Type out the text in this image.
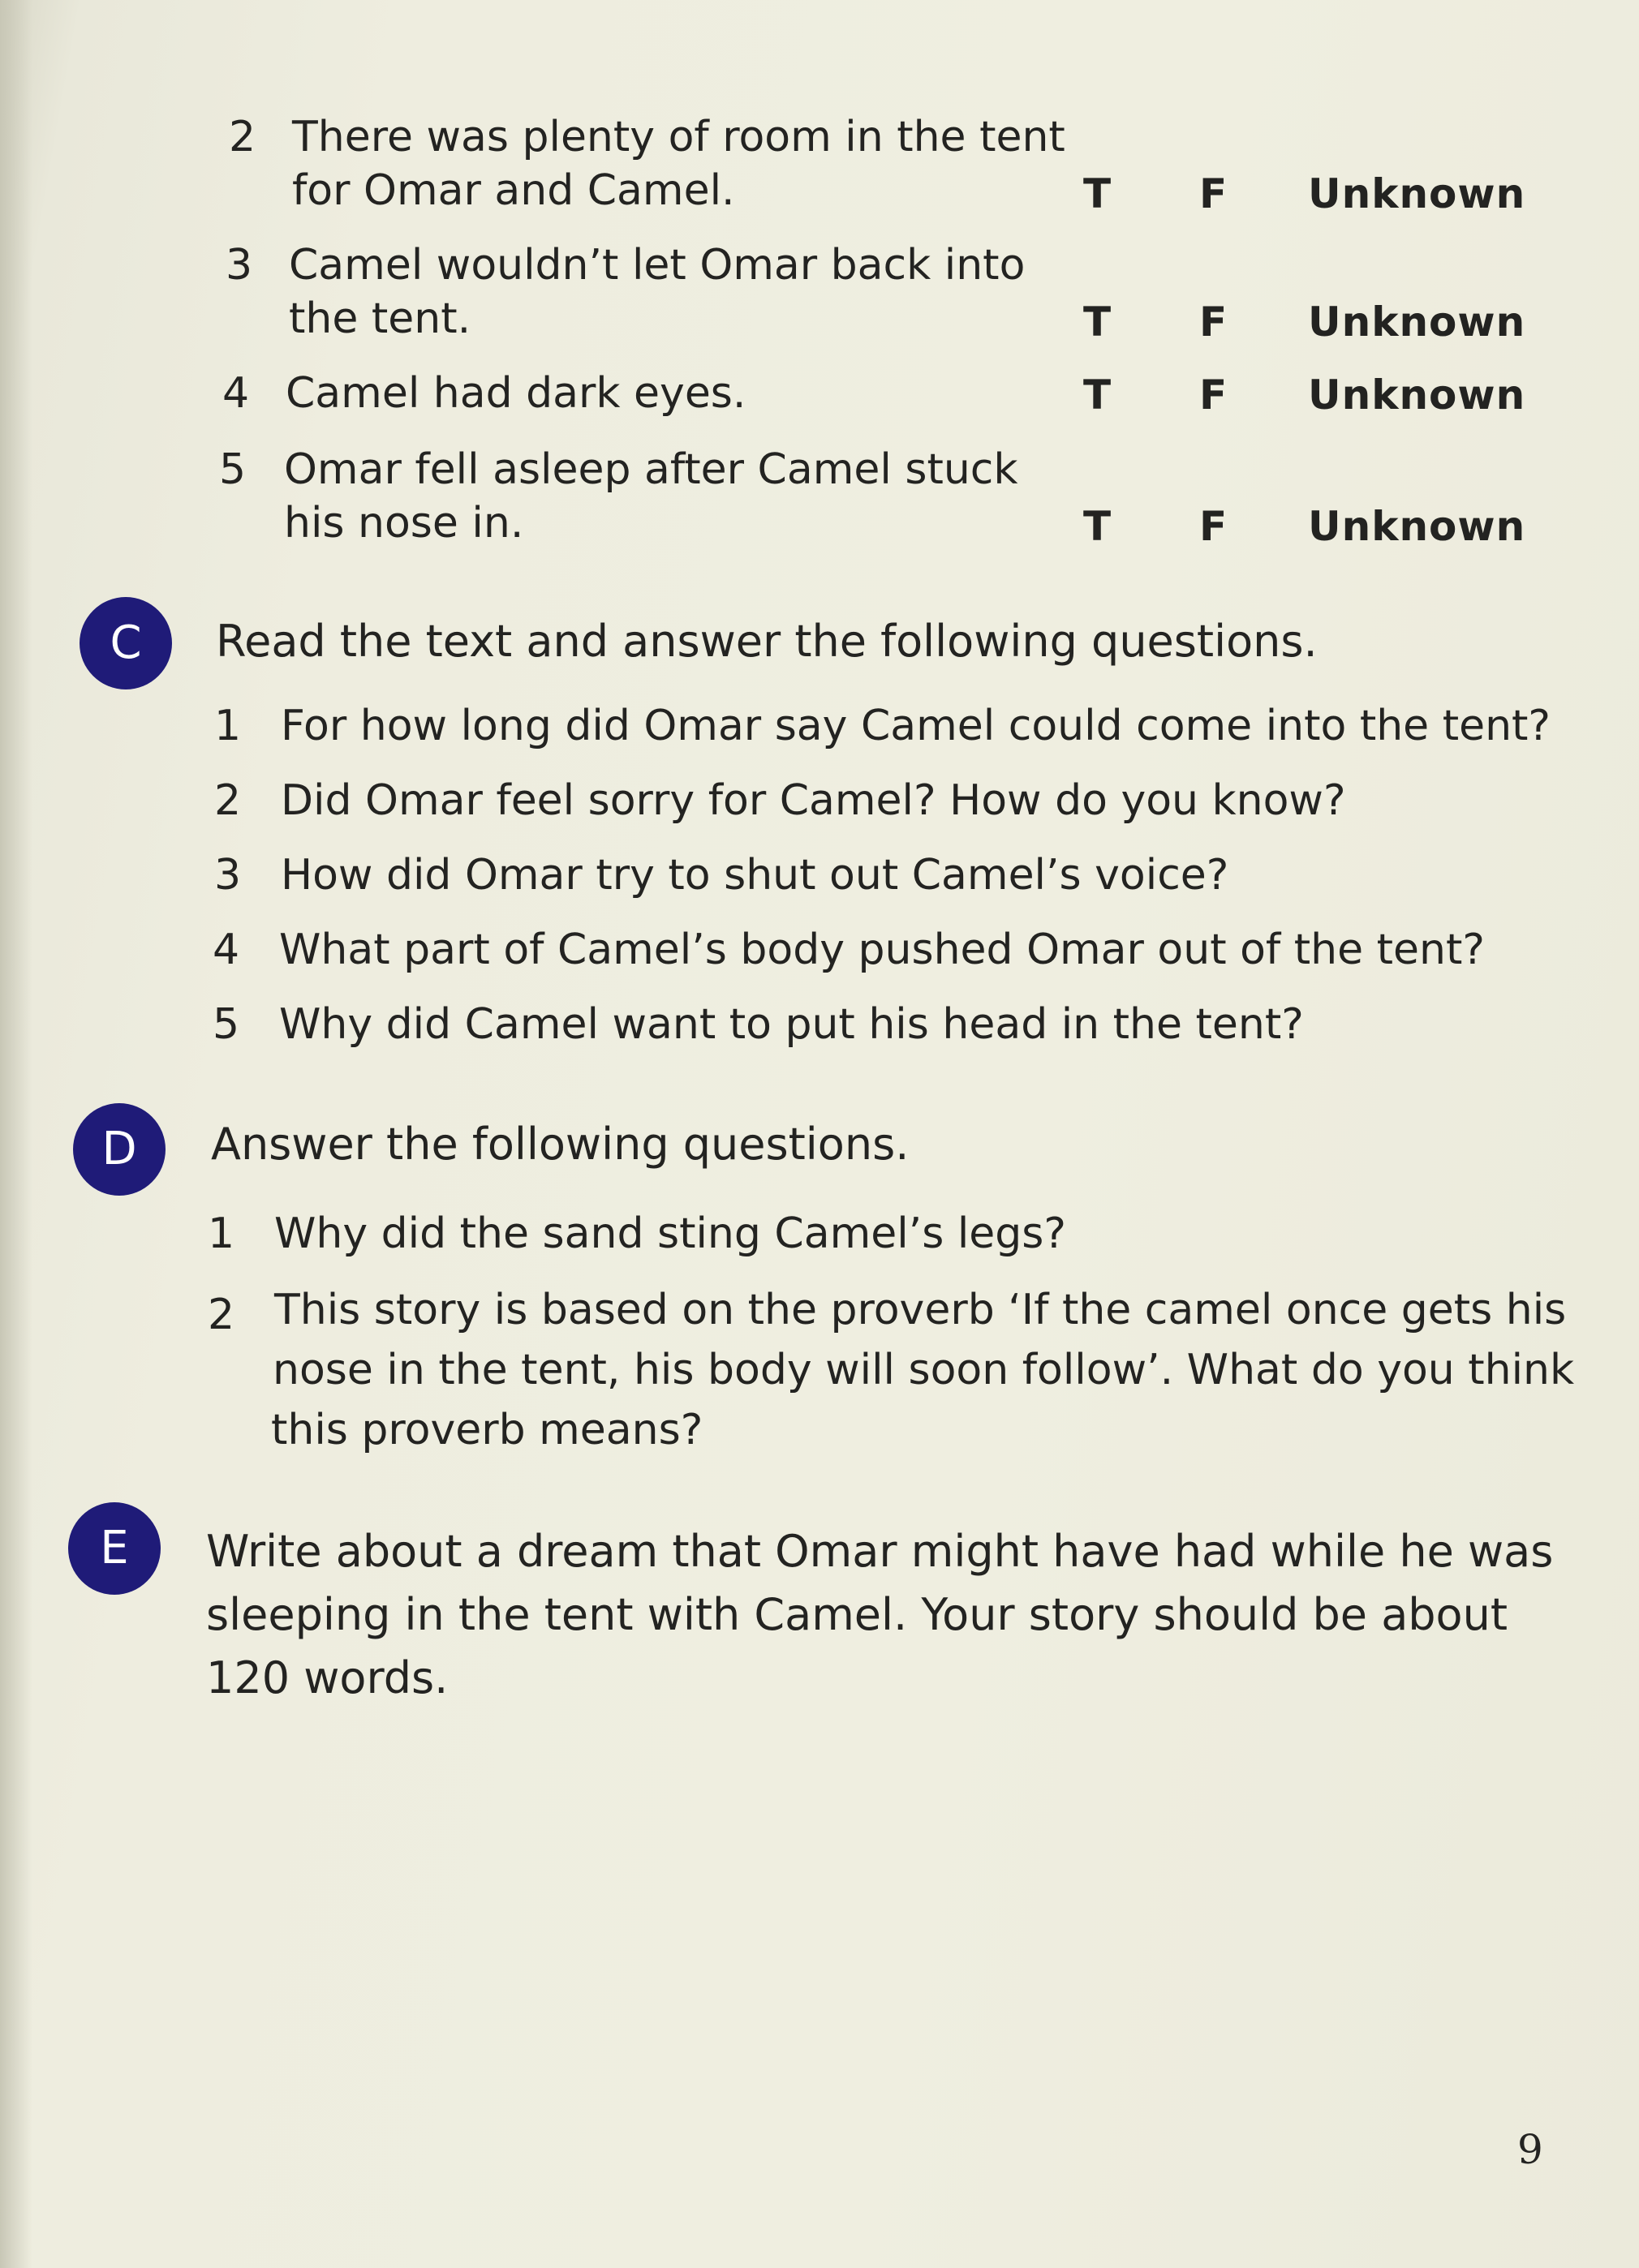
2 There was plenty of room in the tent
for Omar and Camel.	T F Unknown
3 Camel wouldn’t let Omar back into
the tent.	T F Unknown
4 Camel had dark eyes.	T F Unknown
5 Omar fell asleep after Camel stuck
his nose in.	T F Unknown
C	Read the text and answer the following questions.
1 For how long did Omar say Camel could come into the tent?
2 Did Omar feel sorry for Camel? How do you know?
3 How did Omar try to shut out Camel’s voice?
4 What part of Camel’s body pushed Omar out of the tent?
5 Why did Camel want to put his head in the tent?
D	Answer the following questions.
1 Why did the sand sting Camel’s legs?
2 This story is based on the proverb ‘If the camel once gets his
nose in the tent, his body will soon follow’. What do you think
this proverb means?
E	Write about a dream that Omar might have had while he was
sleeping in the tent with Camel. Your story should be about
120 words.
9
